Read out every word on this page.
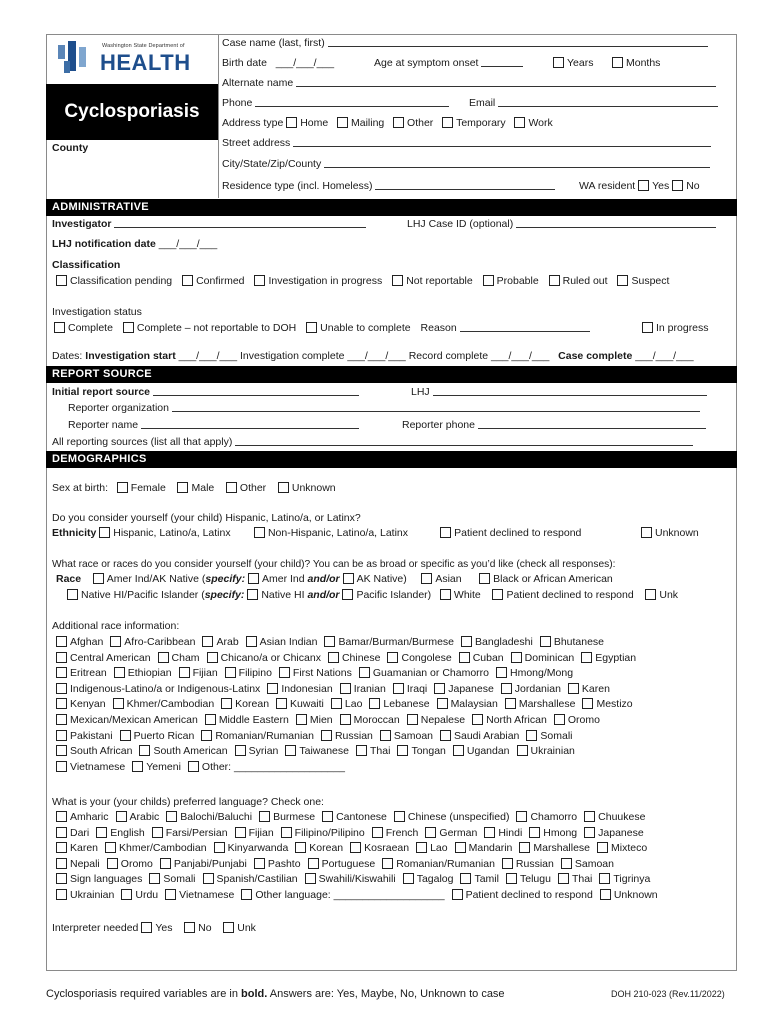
Washington State Department of
HEALTH
Cyclosporiasis
County
Case name (last, first)
Birth date ___/___/___	Age at symptom onset	Years	Months
Alternate name
Phone	Email
Address type Home Mailing Other Temporary Work
Street address
City/State/Zip/County
Residence type (incl. Homeless)	WA resident Yes No
ADMINISTRATIVE
Investigator	LHJ Case ID (optional)
LHJ notification date ___/___/___
Classification
Classification pending Confirmed Investigation in progress Not reportable Probable Ruled out Suspect
Investigation status
Complete Complete – not reportable to DOH Unable to complete Reason	In progress
Dates: Investigation start ___/___/___ Investigation complete ___/___/___ Record complete ___/___/___ Case complete ___/___/___
REPORT SOURCE
Initial report source	LHJ
Reporter organization
Reporter name	Reporter phone
All reporting sources (list all that apply)
DEMOGRAPHICS
Sex at birth: Female Male Other Unknown
Do you consider yourself (your child) Hispanic, Latino/a, or Latinx?
Ethnicity Hispanic, Latino/a, Latinx	Non-Hispanic, Latino/a, Latinx	Patient declined to respond	Unknown
What race or races do you consider yourself (your child)? You can be as broad or specific as you’d like (check all responses):
Race Amer Ind/AK Native (specify: Amer Ind and/or AK Native)	Asian	Black or African American
Native HI/Pacific Islander (specify: Native HI and/or Pacific Islander) White Patient declined to respond Unk
Additional race information:
Afghan Afro-Caribbean Arab Asian Indian Bamar/Burman/Burmese Bangladeshi Bhutanese
Central American Cham Chicano/a or Chicanx Chinese Congolese Cuban Dominican Egyptian
Eritrean Ethiopian Fijian Filipino First Nations Guamanian or Chamorro Hmong/Mong
Indigenous-Latino/a or Indigenous-Latinx Indonesian Iranian Iraqi Japanese Jordanian Karen
Kenyan Khmer/Cambodian Korean Kuwaiti Lao Lebanese Malaysian Marshallese Mestizo
Mexican/Mexican American Middle Eastern Mien Moroccan Nepalese North African Oromo
Pakistani Puerto Rican Romanian/Rumanian Russian Samoan Saudi Arabian Somali
South African South American Syrian Taiwanese Thai Tongan Ugandan Ukrainian
Vietnamese Yemeni Other: ___________________
What is your (your childs) preferred language? Check one:
Amharic Arabic Balochi/Baluchi Burmese Cantonese Chinese (unspecified) Chamorro Chuukese
Dari English Farsi/Persian Fijian Filipino/Pilipino French German Hindi Hmong Japanese
Karen Khmer/Cambodian Kinyarwanda Korean Kosraean Lao Mandarin Marshallese Mixteco
Nepali Oromo Panjabi/Punjabi Pashto Portuguese Romanian/Rumanian Russian Samoan
Sign languages Somali Spanish/Castilian Swahili/Kiswahili Tagalog Tamil Telugu Thai Tigrinya
Ukrainian Urdu Vietnamese Other language: ___________________ Patient declined to respond Unknown
Interpreter needed Yes No Unk
Cyclosporiasis required variables are in bold. Answers are: Yes, Maybe, No, Unknown to case	DOH 210-023 (Rev.11/2022)
